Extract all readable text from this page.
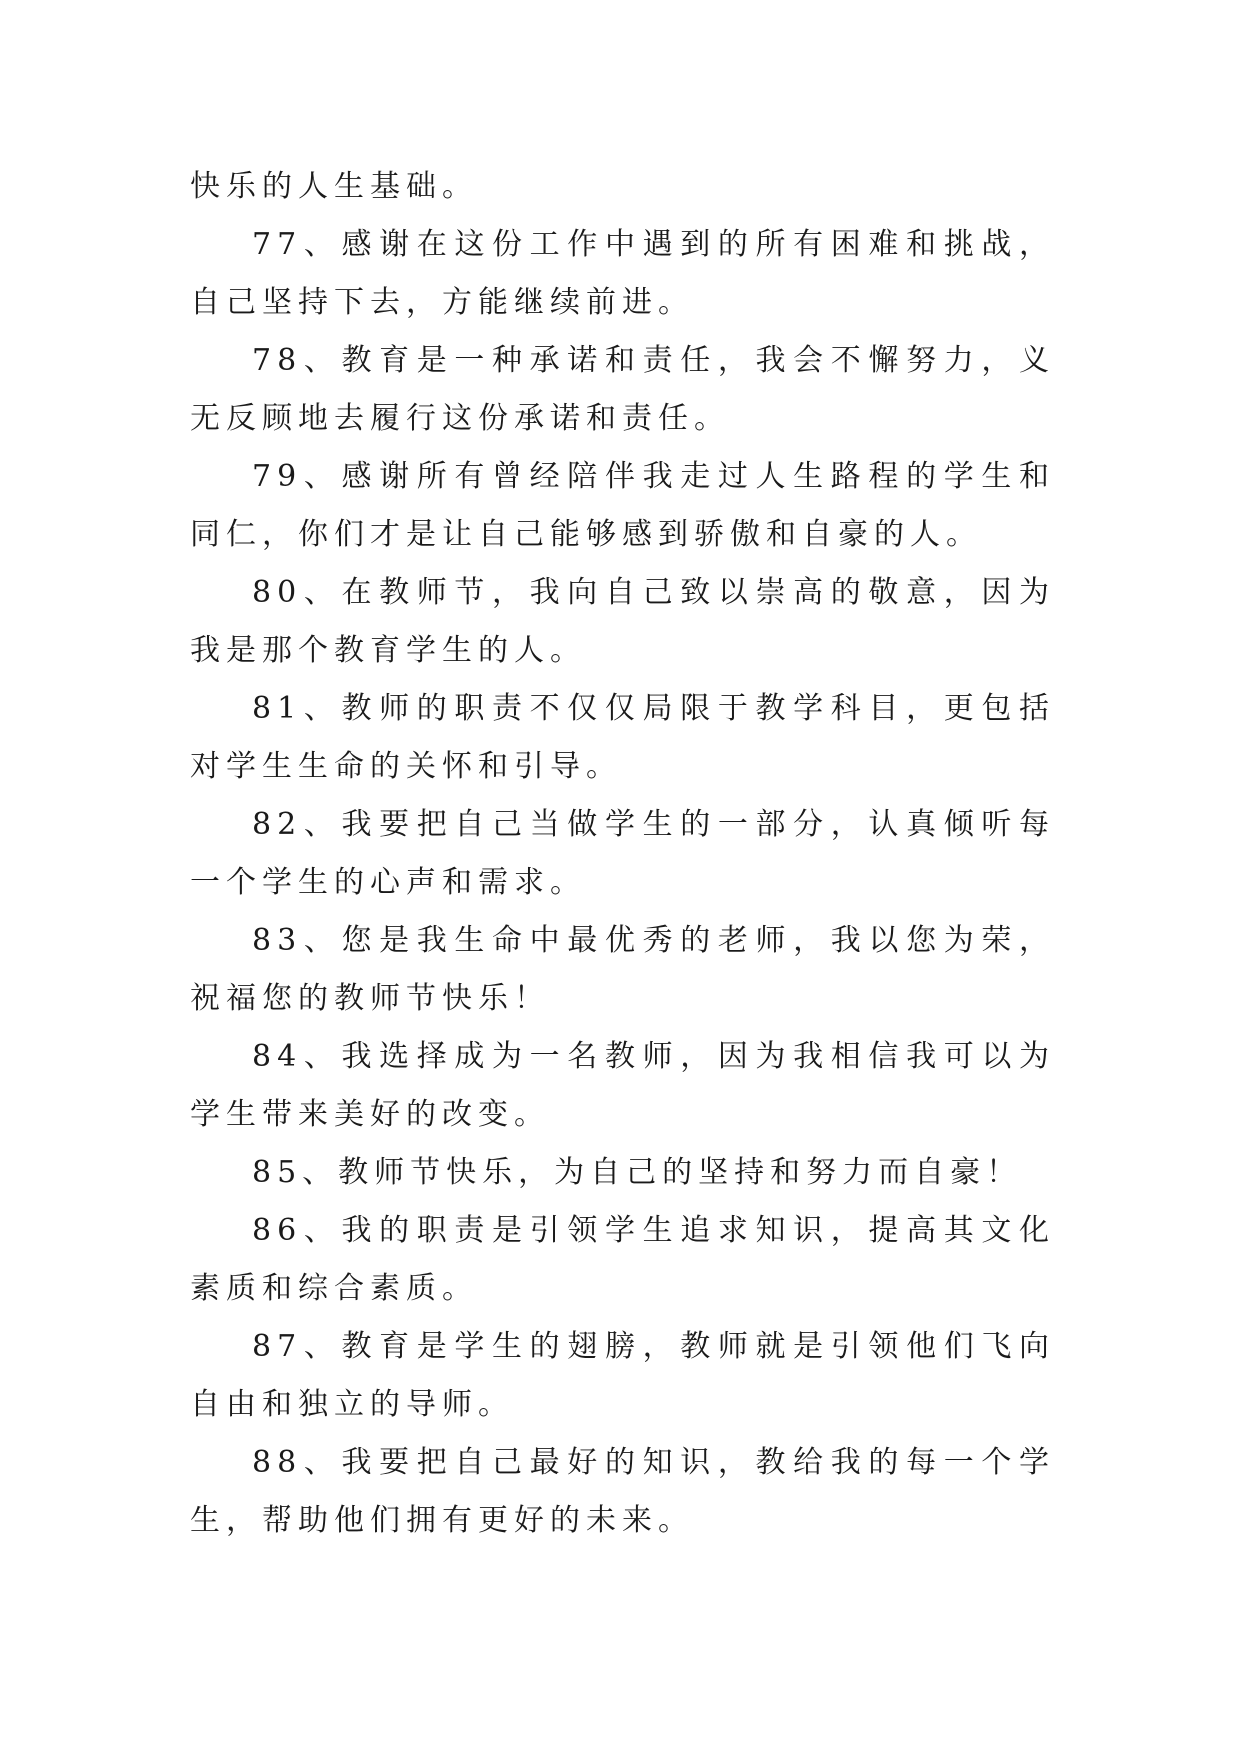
快乐的人生基础。

77、感谢在这份工作中遇到的所有困难和挑战，自己坚持下去，方能继续前进。

78、教育是一种承诺和责任，我会不懈努力，义无反顾地去履行这份承诺和责任。

79、感谢所有曾经陪伴我走过人生路程的学生和同仁，你们才是让自己能够感到骄傲和自豪的人。

80、在教师节，我向自己致以崇高的敬意，因为我是那个教育学生的人。

81、教师的职责不仅仅局限于教学科目，更包括对学生生命的关怀和引导。

82、我要把自己当做学生的一部分，认真倾听每一个学生的心声和需求。

83、您是我生命中最优秀的老师，我以您为荣，祝福您的教师节快乐！

84、我选择成为一名教师，因为我相信我可以为学生带来美好的改变。

85、教师节快乐，为自己的坚持和努力而自豪！

86、我的职责是引领学生追求知识，提高其文化素质和综合素质。

87、教育是学生的翅膀，教师就是引领他们飞向自由和独立的导师。

88、我要把自己最好的知识，教给我的每一个学生，帮助他们拥有更好的未来。
